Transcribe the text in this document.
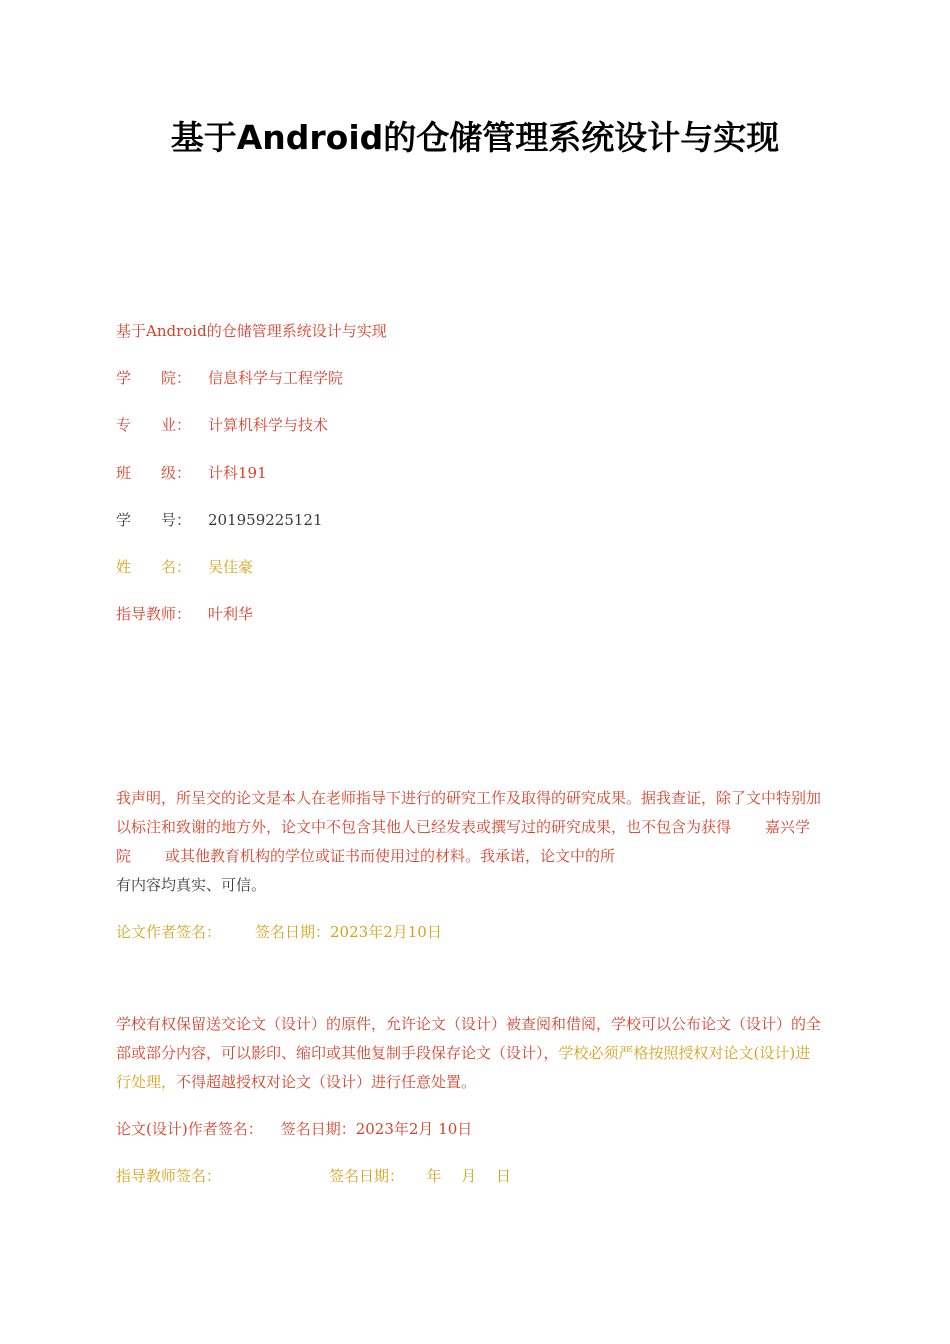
基于Android的仓储管理系统设计与实现
基于Android的仓储管理系统设计与实现
学　　院： 信息科学与工程学院
专　　业： 计算机科学与技术
班　　级： 计科191
学　　号： 201959225121
姓　　名： 吴佳豪
指导教师： 叶利华
我声明，所呈交的论文是本人在老师指导下进行的研究工作及取得的研究成果。据我查证，除了文中特别加以标注和致谢的地方外，论文中不包含其他人已经发表或撰写过的研究成果，也不包含为获得 嘉兴学院 或其他教育机构的学位或证书而使用过的材料。我承诺，论文中的所
有内容均真实、可信。
论文作者签名： 签名日期：2023年2月10日
学校有权保留送交论文（设计）的原件，允许论文（设计）被查阅和借阅，学校可以公布论文（设计）的全部或部分内容，可以影印、缩印或其他复制手段保存论文（设计），学校必须严格按照授权对论文(设计)进行处理，不得超越授权对论文（设计）进行任意处置。
论文(设计)作者签名： 签名日期：2023年2月 10日
指导教师签名：	签名日期：　　年　 月　 日
